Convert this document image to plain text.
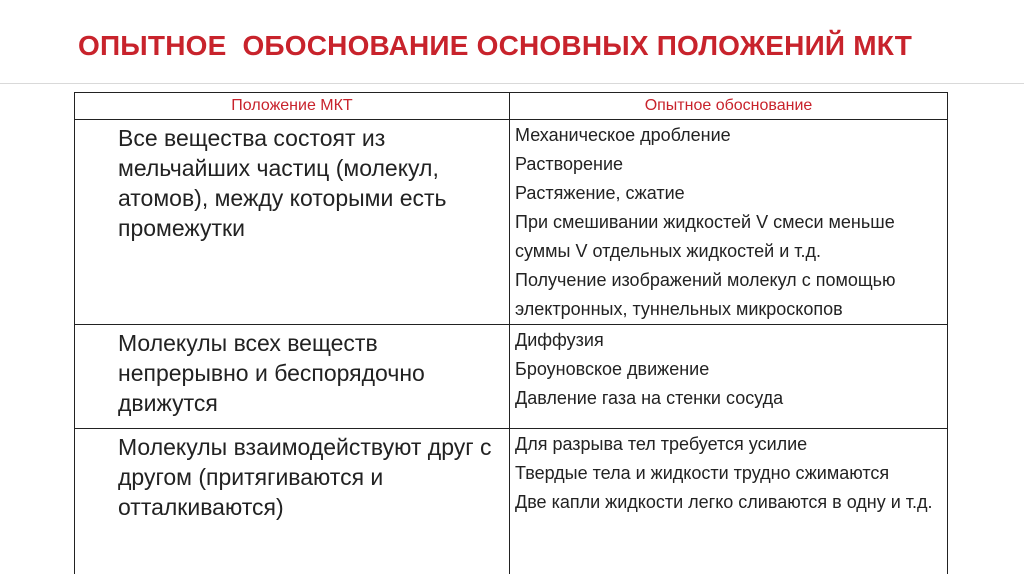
ОПЫТНОЕ  ОБОСНОВАНИЕ ОСНОВНЫХ ПОЛОЖЕНИЙ МКТ
Положение МКТ	Опытное обоснование
Все вещества состоят из мельчайших частиц (молекул, атомов), между которыми есть промежутки	Механическое дробление
Растворение
Растяжение, сжатие
При смешивании жидкостей V смеси меньше суммы V отдельных жидкостей и т.д.
Получение изображений молекул с помощью электронных, туннельных микроскопов

Молекулы всех веществ непрерывно и беспорядочно движутся	Диффузия
Броуновское движение
Давление газа на стенки сосуда

Молекулы взаимодействуют друг с другом (притягиваются и отталкиваются)	Для разрыва тел требуется усилие
Твердые тела и жидкости трудно сжимаются
Две капли жидкости легко сливаются в одну и т.д.
